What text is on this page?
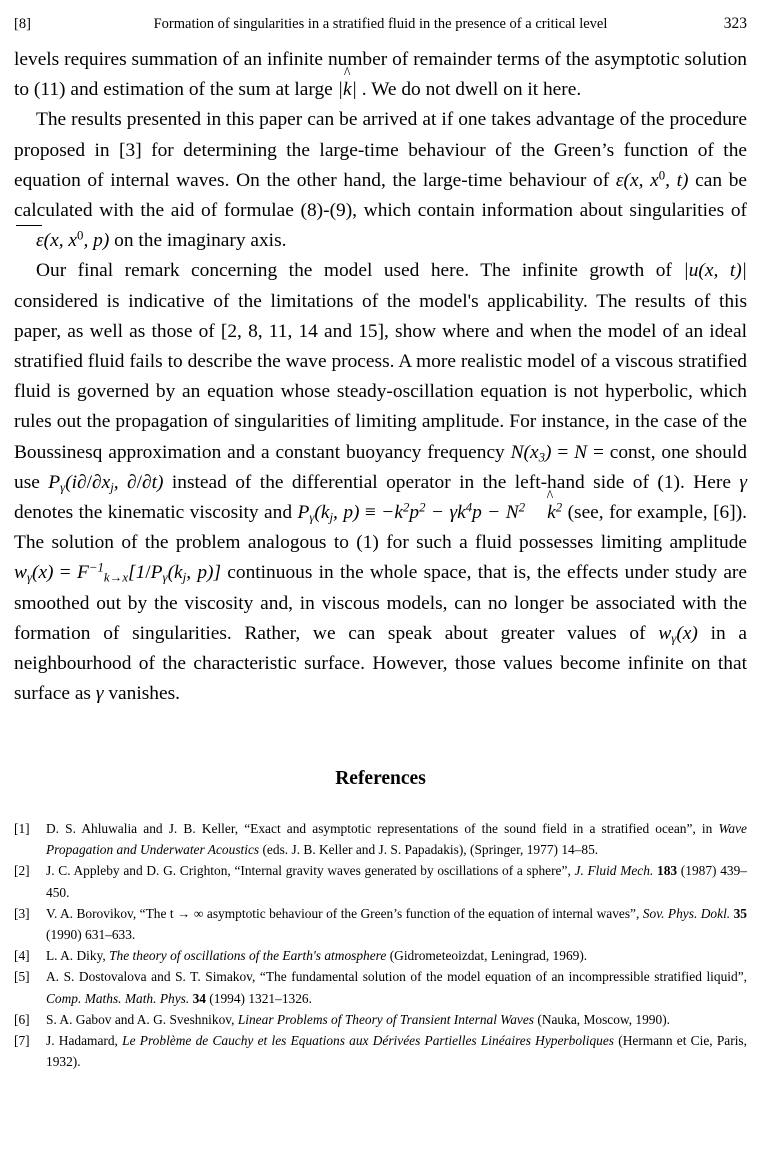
[8]	Formation of singularities in a stratified fluid in the presence of a critical level	323

levels requires summation of an infinite number of remainder terms of the asymptotic solution to (11) and estimation of the sum at large |k ^| . We do not dwell on it here.

The results presented in this paper can be arrived at if one takes advantage of the procedure proposed in [3] for determining the large-time behaviour of the Green’s function of the equation of internal waves. On the other hand, the large-time behaviour of ε(x, $x^0$, t) can be calculated with the aid of formulae (8)-(9), which contain information about singularities of ε(x, $x^0$, p) on the imaginary axis.

Our final remark concerning the model used here. The infinite growth of |u(x, t)| considered is indicative of the limitations of the model's applicability. The results of this paper, as well as those of [2, 8, 11, 14 and 15], show where and when the model of an ideal stratified fluid fails to describe the wave process. A more realistic model of a viscous stratified fluid is governed by an equation whose steady-oscillation equation is not hyperbolic, which rules out the propagation of singularities of limiting amplitude. For instance, in the case of the Boussinesq approximation and a constant buoyancy frequency $N(x_3) = N$ = const, one should use $P_\gamma(i\partial/\partial x_j$, ∂/∂t) instead of the differential operator in the left-hand side of (1). Here γ denotes the kinematic viscosity and $P_\gamma(k_j$, $p) \equiv -k^2p^2 - \gamma k^4p - N^2$ k ^$^2$ (see, for example, [6]). The solution of the problem analogous to (1) for such a fluid possesses limiting amplitude $w_\gamma(x) = F^{-1}_{k\to x}[1/P_\gamma(k_j$, p)] continuous in the whole space, that is, the effects under study are smoothed out by the viscosity and, in viscous models, can no longer be associated with the formation of singularities. Rather, we can speak about greater values of $w_\gamma(x)$ in a neighbourhood of the characteristic surface. However, those values become infinite on that surface as γ vanishes.

References
[1]	D. S. Ahluwalia and J. B. Keller, “Exact and asymptotic representations of the sound field in a stratified ocean”, in Wave Propagation and Underwater Acoustics (eds. J. B. Keller and J. S. Papadakis), (Springer, 1977) 14–85.
[2]	J. C. Appleby and D. G. Crighton, “Internal gravity waves generated by oscillations of a sphere”, J. Fluid Mech. 183 (1987) 439–450.
[3]	V. A. Borovikov, “The t → ∞ asymptotic behaviour of the Green’s function of the equation of internal waves”, Sov. Phys. Dokl. 35 (1990) 631–633.
[4]	L. A. Diky, The theory of oscillations of the Earth's atmosphere (Gidrometeoizdat, Leningrad, 1969).
[5]	A. S. Dostovalova and S. T. Simakov, “The fundamental solution of the model equation of an incompressible stratified liquid”, Comp. Maths. Math. Phys. 34 (1994) 1321–1326.
[6]	S. A. Gabov and A. G. Sveshnikov, Linear Problems of Theory of Transient Internal Waves (Nauka, Moscow, 1990).
[7]	J. Hadamard, Le Problème de Cauchy et les Equations aux Dérivées Partielles Linéaires Hyperboliques (Hermann et Cie, Paris, 1932).
